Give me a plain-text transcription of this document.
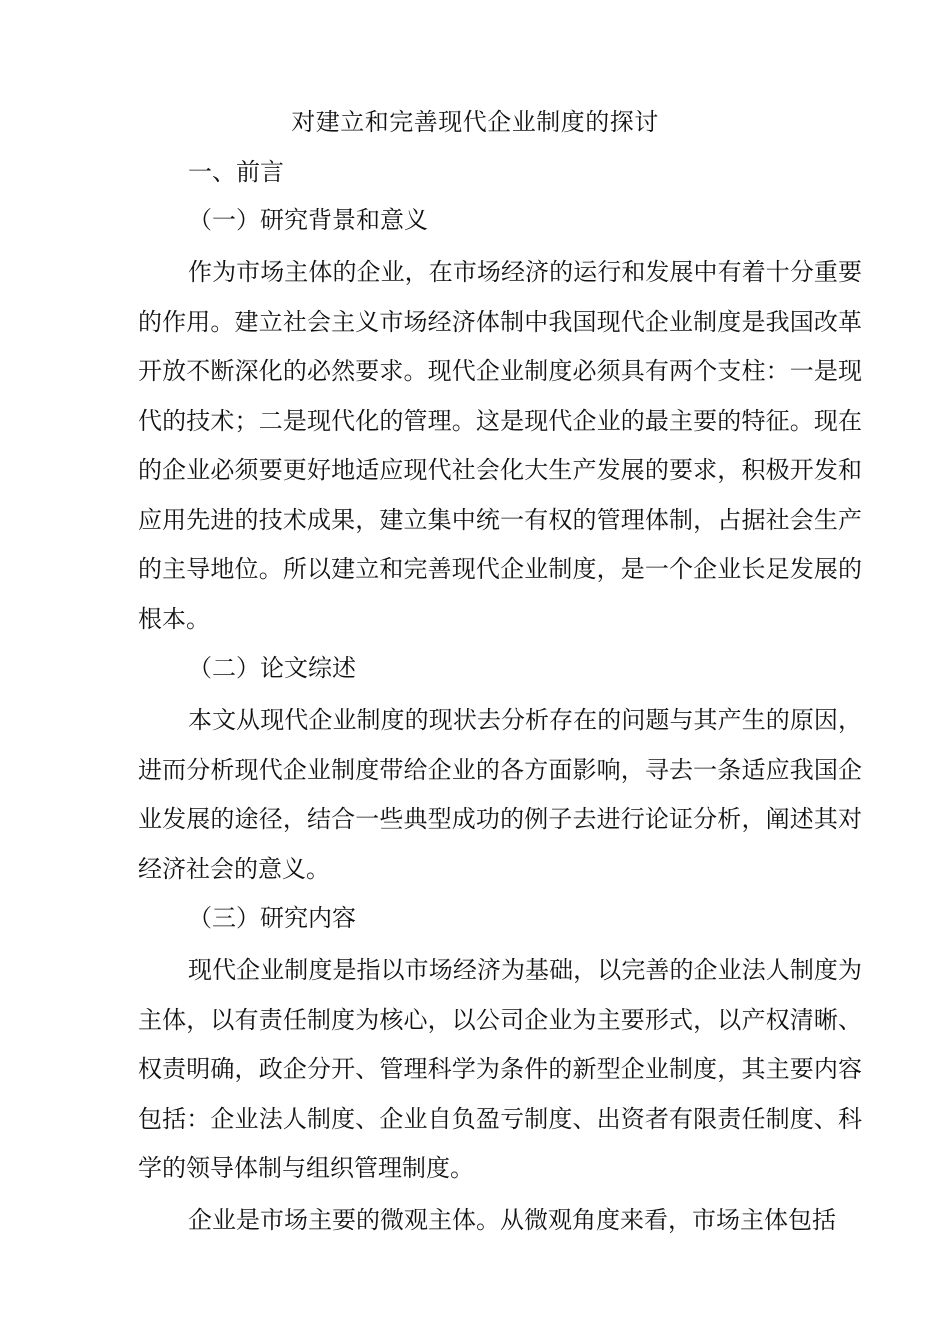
对建立和完善现代企业制度的探讨
一、前言
（一）研究背景和意义

作为市场主体的企业，在市场经济的运行和发展中有着十分重要的作用。建立社会主义市场经济体制中我国现代企业制度是我国改革开放不断深化的必然要求。现代企业制度必须具有两个支柱：一是现代的技术；二是现代化的管理。这是现代企业的最主要的特征。现在的企业必须要更好地适应现代社会化大生产发展的要求，积极开发和应用先进的技术成果，建立集中统一有权的管理体制，占据社会生产的主导地位。所以建立和完善现代企业制度，是一个企业长足发展的根本。

（二）论文综述

本文从现代企业制度的现状去分析存在的问题与其产生的原因，进而分析现代企业制度带给企业的各方面影响，寻去一条适应我国企业发展的途径，结合一些典型成功的例子去进行论证分析，阐述其对经济社会的意义。

（三）研究内容

现代企业制度是指以市场经济为基础，以完善的企业法人制度为主体，以有责任制度为核心，以公司企业为主要形式，以产权清晰、权责明确，政企分开、管理科学为条件的新型企业制度，其主要内容包括：企业法人制度、企业自负盈亏制度、出资者有限责任制度、科学的领导体制与组织管理制度。

企业是市场主要的微观主体。从微观角度来看，市场主体包括
